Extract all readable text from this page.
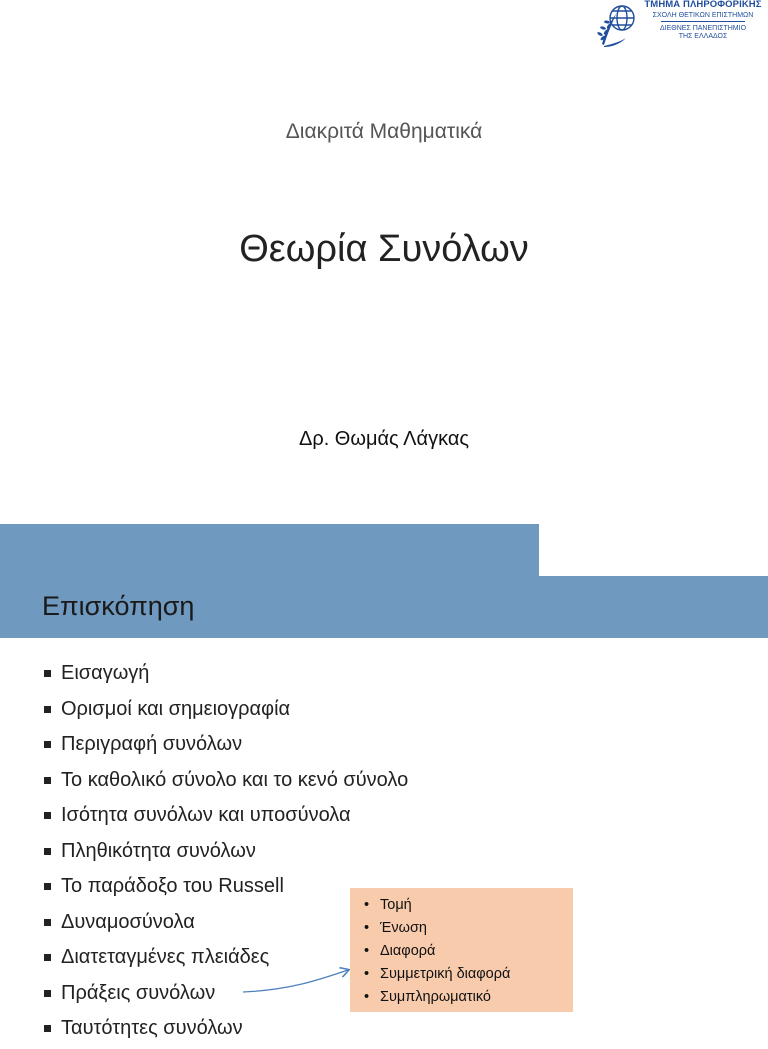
ΤΜΗΜΑ ΠΛΗΡΟΦΟΡΙΚΗΣ
ΣΧΟΛΗ ΘΕΤΙΚΩΝ ΕΠΙΣΤΗΜΩΝ
ΔΙΕΘΝΕΣ ΠΑΝΕΠΙΣΤΗΜΙΟ
ΤΗΣ ΕΛΛΑΔΟΣ
Διακριτά Μαθηματικά
Θεωρία Συνόλων
Δρ. Θωμάς Λάγκας
Επισκόπηση
Εισαγωγή
Ορισμοί και σημειογραφία
Περιγραφή συνόλων
Το καθολικό σύνολο και το κενό σύνολο
Ισότητα συνόλων και υποσύνολα
Πληθικότητα συνόλων
Το παράδοξο του Russell
Δυναμοσύνολα
Διατεταγμένες πλειάδες
Πράξεις συνόλων
Ταυτότητες συνόλων
• Τομή
• Ένωση
• Διαφορά
• Συμμετρική διαφορά
• Συμπληρωματικό
